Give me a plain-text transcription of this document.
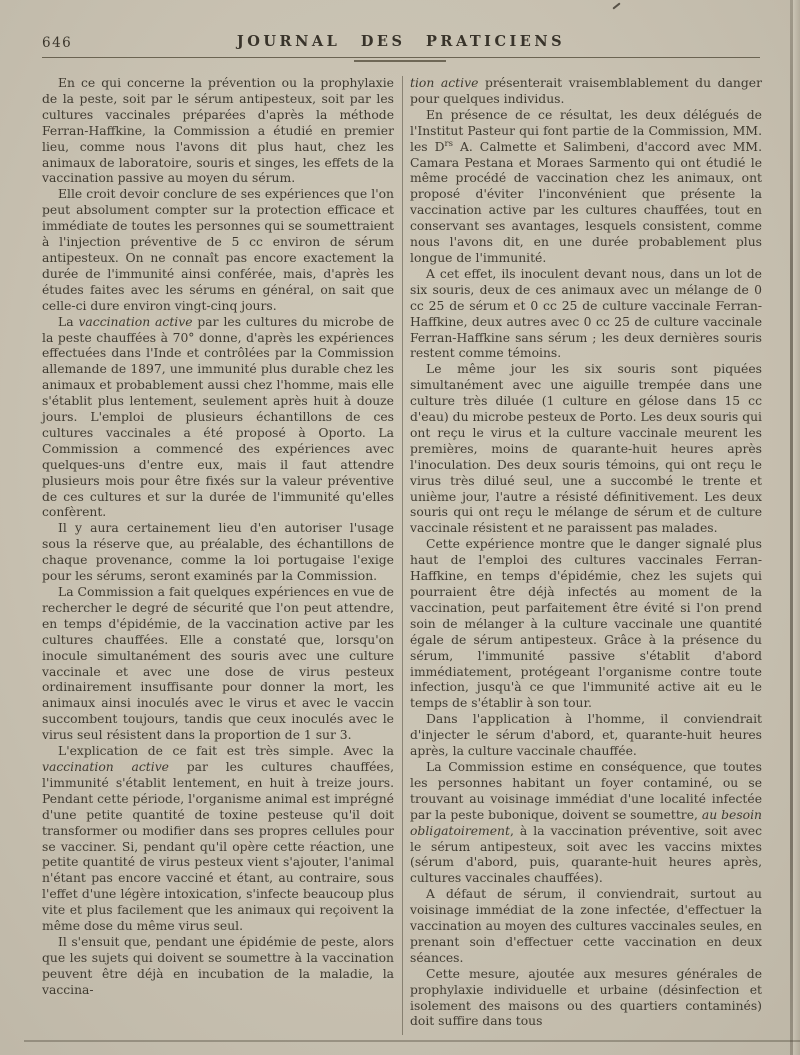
646	JOURNAL DES PRATICIENS

En ce qui concerne la prévention ou la prophylaxie de la peste, soit par le sérum antipesteux, soit par les cultures vaccinales préparées d'après la méthode Ferran-Haffkine, la Commission a étudié en premier lieu, comme nous l'avons dit plus haut, chez les animaux de laboratoire, souris et singes, les effets de la vaccination passive au moyen du sérum.

Elle croit devoir conclure de ses expériences que l'on peut absolument compter sur la protection efficace et immédiate de toutes les personnes qui se soumettraient à l'injection préventive de 5 cc environ de sérum antipesteux. On ne connaît pas encore exactement la durée de l'immunité ainsi conférée, mais, d'après les études faites avec les sérums en général, on sait que celle-ci dure environ vingt-cinq jours.

La vaccination active par les cultures du microbe de la peste chauffées à 70° donne, d'après les expériences effectuées dans l'Inde et contrôlées par la Commission allemande de 1897, une immunité plus durable chez les animaux et probablement aussi chez l'homme, mais elle s'établit plus lentement, seulement après huit à douze jours. L'emploi de plusieurs échantillons de ces cultures vaccinales a été proposé à Oporto. La Commission a commencé des expériences avec quelques-uns d'entre eux, mais il faut attendre plusieurs mois pour être fixés sur la valeur préventive de ces cultures et sur la durée de l'immunité qu'elles confèrent.

Il y aura certainement lieu d'en autoriser l'usage sous la réserve que, au préalable, des échantillons de chaque provenance, comme la loi portugaise l'exige pour les sérums, seront examinés par la Commission.

La Commission a fait quelques expériences en vue de rechercher le degré de sécurité que l'on peut attendre, en temps d'épidémie, de la vaccination active par les cultures chauffées. Elle a constaté que, lorsqu'on inocule simultanément des souris avec une culture vaccinale et avec une dose de virus pesteux ordinairement insuffisante pour donner la mort, les animaux ainsi inoculés avec le virus et avec le vaccin succombent toujours, tandis que ceux inoculés avec le virus seul résistent dans la proportion de 1 sur 3.

L'explication de ce fait est très simple. Avec la vaccination active par les cultures chauffées, l'immunité s'établit lentement, en huit à treize jours. Pendant cette période, l'organisme animal est imprégné d'une petite quantité de toxine pesteuse qu'il doit transformer ou modifier dans ses propres cellules pour se vacciner. Si, pendant qu'il opère cette réaction, une petite quantité de virus pesteux vient s'ajouter, l'animal n'étant pas encore vacciné et étant, au contraire, sous l'effet d'une légère intoxication, s'infecte beaucoup plus vite et plus facilement que les animaux qui reçoivent la même dose du même virus seul.

Il s'ensuit que, pendant une épidémie de peste, alors que les sujets qui doivent se soumettre à la vaccination peuvent être déjà en incubation de la maladie, la vaccina-

tion active présenterait vraisemblablement du danger pour quelques individus.

En présence de ce résultat, les deux délégués de l'Institut Pasteur qui font partie de la Commission, MM. les $D^{rs}$ A. Calmette et Salimbeni, d'accord avec MM. Camara Pestana et Moraes Sarmento qui ont étudié le même procédé de vaccination chez les animaux, ont proposé d'éviter l'inconvénient que présente la vaccination active par les cultures chauffées, tout en conservant ses avantages, lesquels consistent, comme nous l'avons dit, en une durée probablement plus longue de l'immunité.

A cet effet, ils inoculent devant nous, dans un lot de six souris, deux de ces animaux avec un mélange de 0 cc 25 de sérum et 0 cc 25 de culture vaccinale Ferran-Haffkine, deux autres avec 0 cc 25 de culture vaccinale Ferran-Haffkine sans sérum ; les deux dernières souris restent comme témoins.

Le même jour les six souris sont piquées simultanément avec une aiguille trempée dans une culture très diluée (1 culture en gélose dans 15 cc d'eau) du microbe pesteux de Porto. Les deux souris qui ont reçu le virus et la culture vaccinale meurent les premières, moins de quarante-huit heures après l'inoculation. Des deux souris témoins, qui ont reçu le virus très dilué seul, une a succombé le trente et unième jour, l'autre a résisté définitivement. Les deux souris qui ont reçu le mélange de sérum et de culture vaccinale résistent et ne paraissent pas malades.

Cette expérience montre que le danger signalé plus haut de l'emploi des cultures vaccinales Ferran-Haffkine, en temps d'épidémie, chez les sujets qui pourraient être déjà infectés au moment de la vaccination, peut parfaitement être évité si l'on prend soin de mélanger à la culture vaccinale une quantité égale de sérum antipesteux. Grâce à la présence du sérum, l'immunité passive s'établit d'abord immédiatement, protégeant l'organisme contre toute infection, jusqu'à ce que l'immunité active ait eu le temps de s'établir à son tour.

Dans l'application à l'homme, il conviendrait d'injecter le sérum d'abord, et, quarante-huit heures après, la culture vaccinale chauffée.

La Commission estime en conséquence, que toutes les personnes habitant un foyer contaminé, ou se trouvant au voisinage immédiat d'une localité infectée par la peste bubonique, doivent se soumettre, au besoin obligatoirement, à la vaccination préventive, soit avec le sérum antipesteux, soit avec les vaccins mixtes (sérum d'abord, puis, quarante-huit heures après, cultures vaccinales chauffées).

A défaut de sérum, il conviendrait, surtout au voisinage immédiat de la zone infectée, d'effectuer la vaccination au moyen des cultures vaccinales seules, en prenant soin d'effectuer cette vaccination en deux séances.

Cette mesure, ajoutée aux mesures générales de prophylaxie individuelle et urbaine (désinfection et isolement des maisons ou des quartiers contaminés) doit suffire dans tous
